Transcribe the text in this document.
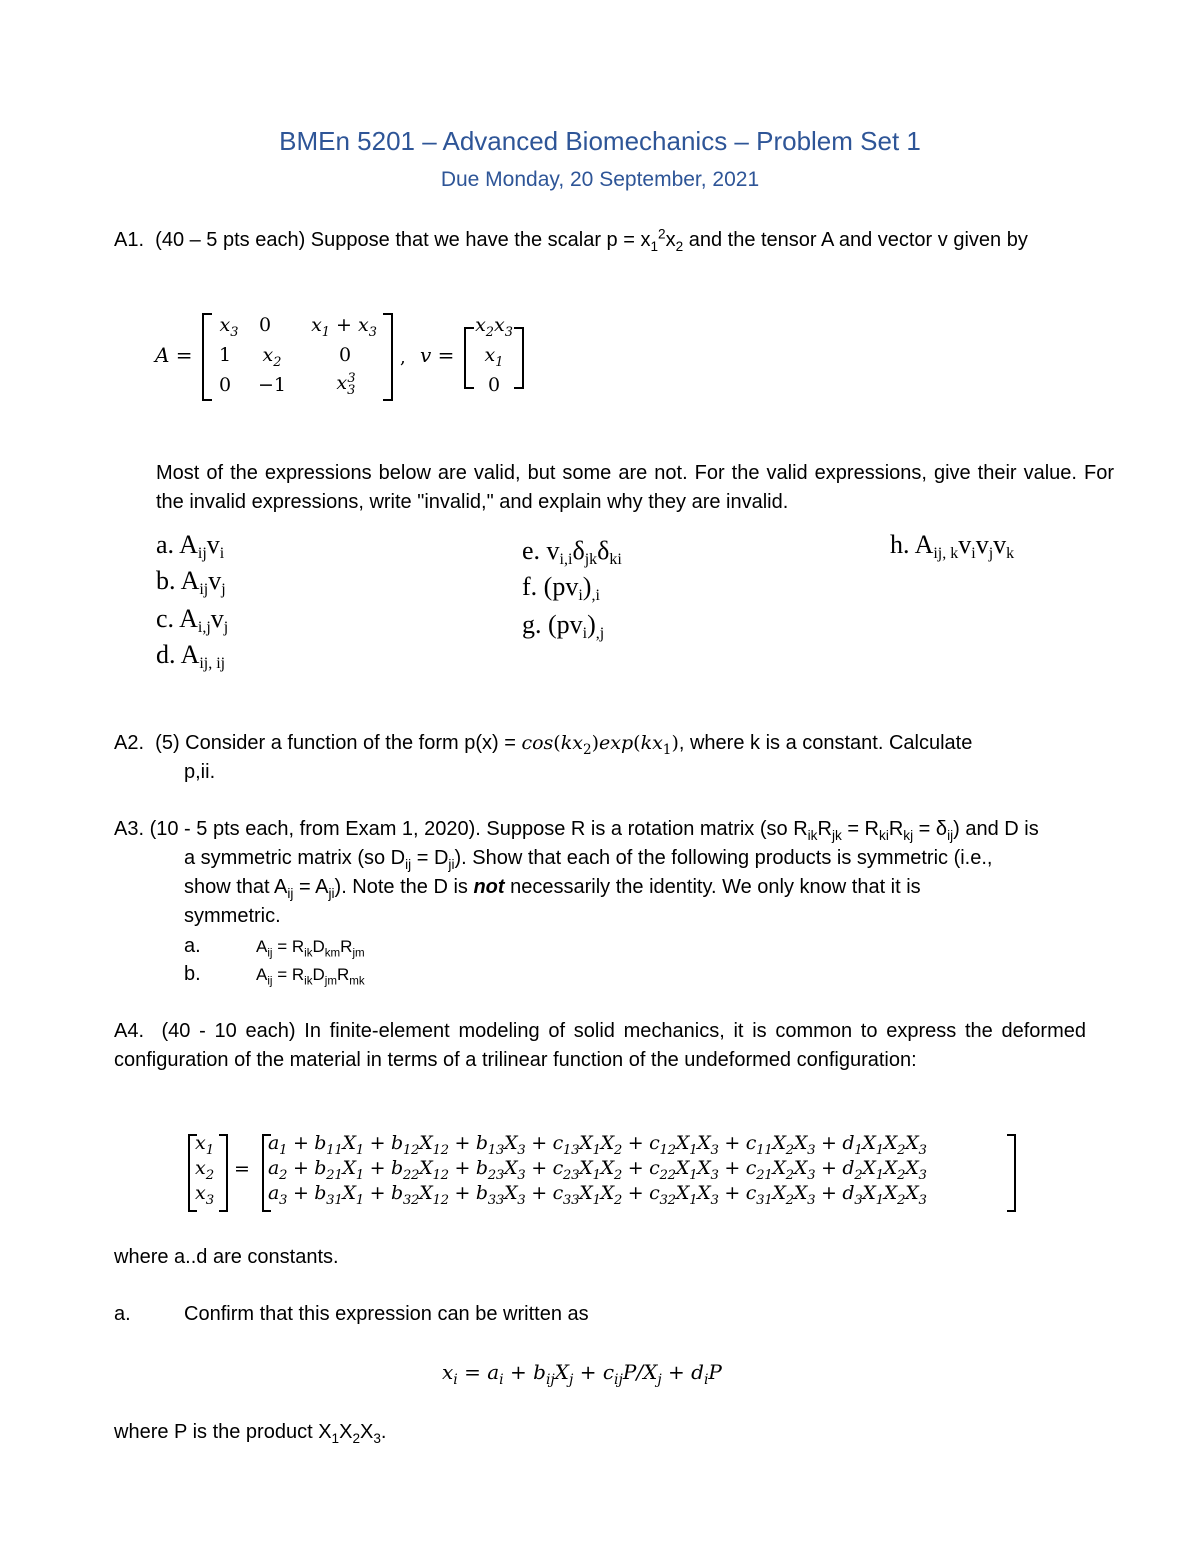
BMEn 5201 – Advanced Biomechanics – Problem Set 1
Due Monday, 20 September, 2021
A1. (40 – 5 pts each) Suppose that we have the scalar $p = x_1^2x_2$ and the tensor A and vector v given by
A =
$x_3$	0	$x_1 + x_3$
1	$x_2$	0
0	−1	$x_3^3$
, v =
$x_2x_3$
$x_1$
0
Most of the expressions below are valid, but some are not. For the valid expressions, give their value. For the invalid expressions, write "invalid," and explain why they are invalid.
a. Aijvi
b. Aijvj
c. Ai,jvj
d. Aij, ij
e. vi,iδjkδki
f. (pvi),i
g. (pvi),j
h. Aij, kvivjvk
A2. (5) Consider a function of the form $p(x) = \cos(kx_2)\exp(kx_1)$, where k is a constant. Calculate
p,ii.
A3. (10 - 5 pts each, from Exam 1, 2020). Suppose R is a rotation matrix (so $R_{ik}R_{jk} = R_{ki}R_{kj} = \delta_{ij}$) and D is
a symmetric matrix (so $D_{ij} = D_{ji}$). Show that each of the following products is symmetric (i.e.,
show that $A_{ij} = A_{ji}$). Note the D is not necessarily the identity. We only know that it is
symmetric.
a.	$A_{ij} = R_{ik}D_{km}R_{jm}$
b.	$A_{ij} = R_{ik}D_{jm}R_{mk}$
A4. (40 - 10 each) In finite-element modeling of solid mechanics, it is common to express the deformed configuration of the material in terms of a trilinear function of the undeformed configuration:
$x_1$
$x_2$
$x_3$
=
$a_1 + b_{11}X_1 + b_{12}X_{12} + b_{13}X_3 + c_{13}X_1X_2 + c_{12}X_1X_3 + c_{11}X_2X_3 + d_1X_1X_2X_3$
$a_2 + b_{21}X_1 + b_{22}X_{12} + b_{23}X_3 + c_{23}X_1X_2 + c_{22}X_1X_3 + c_{21}X_2X_3 + d_2X_1X_2X_3$
$a_3 + b_{31}X_1 + b_{32}X_{12} + b_{33}X_3 + c_{33}X_1X_2 + c_{32}X_1X_3 + c_{31}X_2X_3 + d_3X_1X_2X_3$
where a..d are constants.
a.	Confirm that this expression can be written as
$x_i = a_i + b_{ij}X_j + c_{ij}P/X_j + d_iP$
where P is the product $X_1X_2X_3$.
